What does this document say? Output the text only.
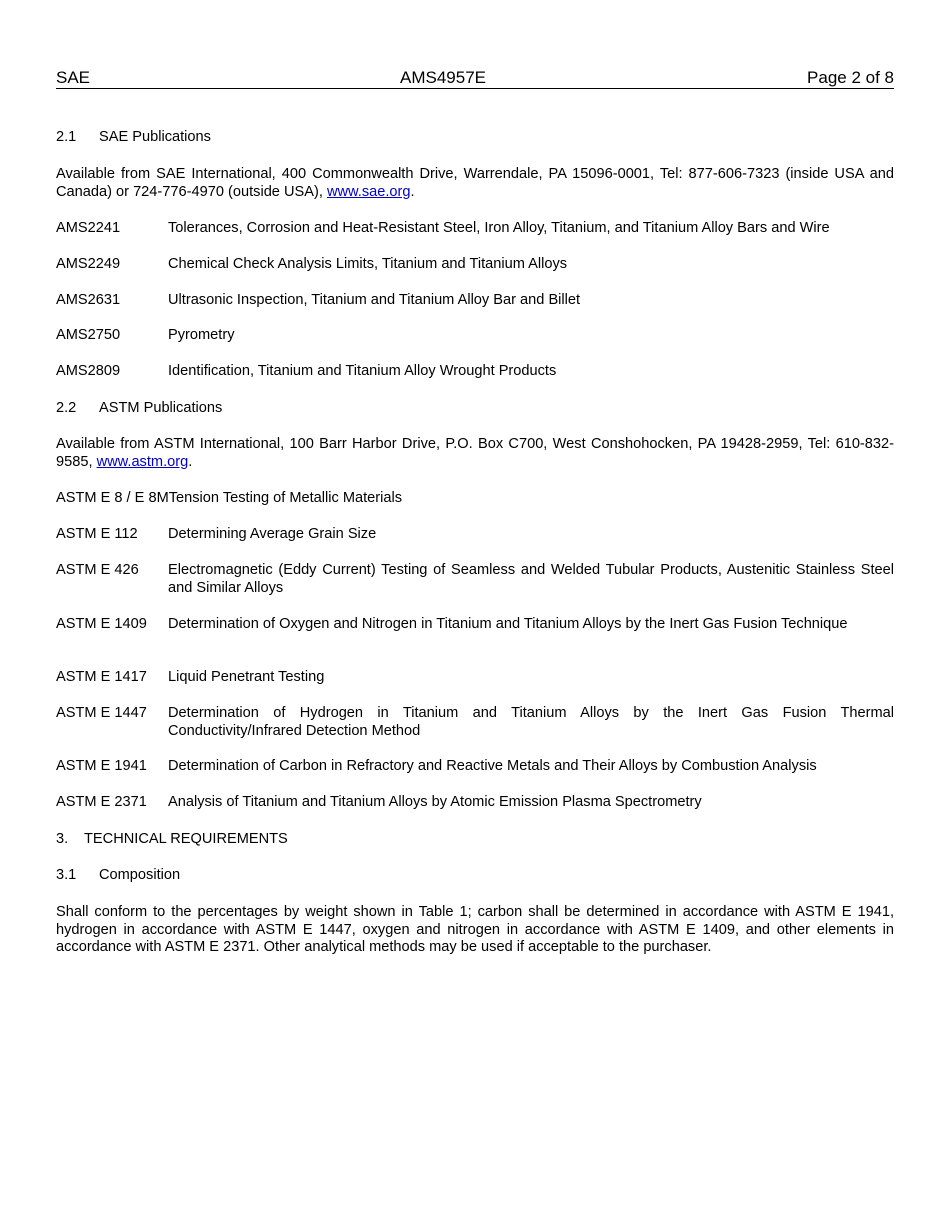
SAE	AMS4957E	Page 2 of 8
2.1 SAE Publications
Available from SAE International, 400 Commonwealth Drive, Warrendale, PA 15096-0001, Tel: 877-606-7323 (inside USA and Canada) or 724-776-4970 (outside USA), www.sae.org.
AMS2241	Tolerances, Corrosion and Heat-Resistant Steel, Iron Alloy, Titanium, and Titanium Alloy Bars and Wire
AMS2249	Chemical Check Analysis Limits, Titanium and Titanium Alloys
AMS2631	Ultrasonic Inspection, Titanium and Titanium Alloy Bar and Billet
AMS2750	Pyrometry
AMS2809	Identification, Titanium and Titanium Alloy Wrought Products
2.2 ASTM Publications
Available from ASTM International, 100 Barr Harbor Drive, P.O. Box C700, West Conshohocken, PA 19428-2959, Tel: 610-832-9585, www.astm.org.
ASTM E 8 / E 8MTension Testing of Metallic Materials
ASTM E 112 Determining Average Grain Size
ASTM E 426 Electromagnetic (Eddy Current) Testing of Seamless and Welded Tubular Products, Austenitic Stainless Steel and Similar Alloys
ASTM E 1409 Determination of Oxygen and Nitrogen in Titanium and Titanium Alloys by the Inert Gas Fusion Technique
ASTM E 1417 Liquid Penetrant Testing
ASTM E 1447 Determination of Hydrogen in Titanium and Titanium Alloys by the Inert Gas Fusion Thermal Conductivity/Infrared Detection Method
ASTM E 1941 Determination of Carbon in Refractory and Reactive Metals and Their Alloys by Combustion Analysis
ASTM E 2371 Analysis of Titanium and Titanium Alloys by Atomic Emission Plasma Spectrometry
3. TECHNICAL REQUIREMENTS
3.1 Composition
Shall conform to the percentages by weight shown in Table 1; carbon shall be determined in accordance with ASTM E 1941, hydrogen in accordance with ASTM E 1447, oxygen and nitrogen in accordance with ASTM E 1409, and other elements in accordance with ASTM E 2371. Other analytical methods may be used if acceptable to the purchaser.
